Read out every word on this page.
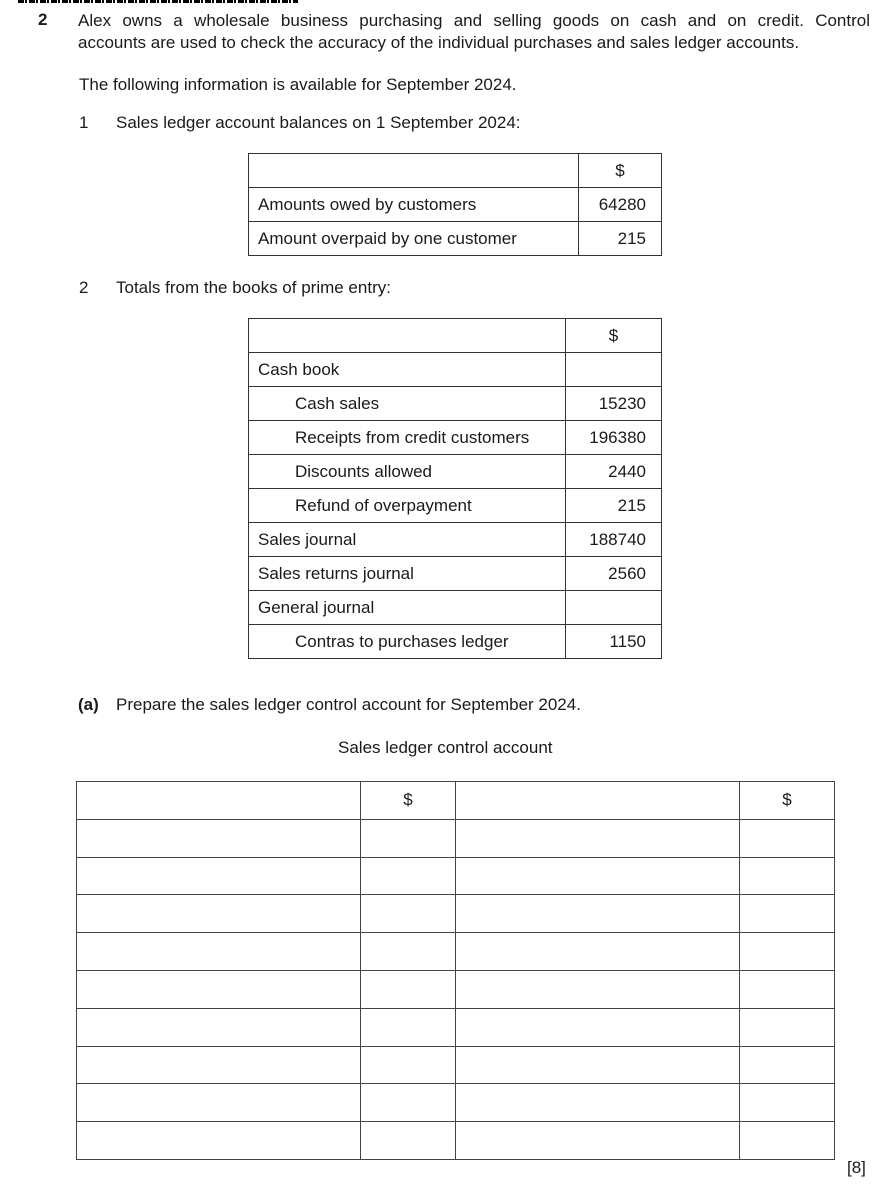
2 Alex owns a wholesale business purchasing and selling goods on cash and on credit. Control
accounts are used to check the accuracy of the individual purchases and sales ledger accounts.
The following information is available for September 2024.
1 Sales ledger account balances on 1 September 2024:
	$
Amounts owed by customers	64280
Amount overpaid by one customer	215
2 Totals from the books of prime entry:
	$
Cash book	
Cash sales	15230
Receipts from credit customers	196380
Discounts allowed	2440
Refund of overpayment	215
Sales journal	188740
Sales returns journal	2560
General journal	
Contras to purchases ledger	1150
(a) Prepare the sales ledger control account for September 2024.
Sales ledger control account
	$		$

[8]
